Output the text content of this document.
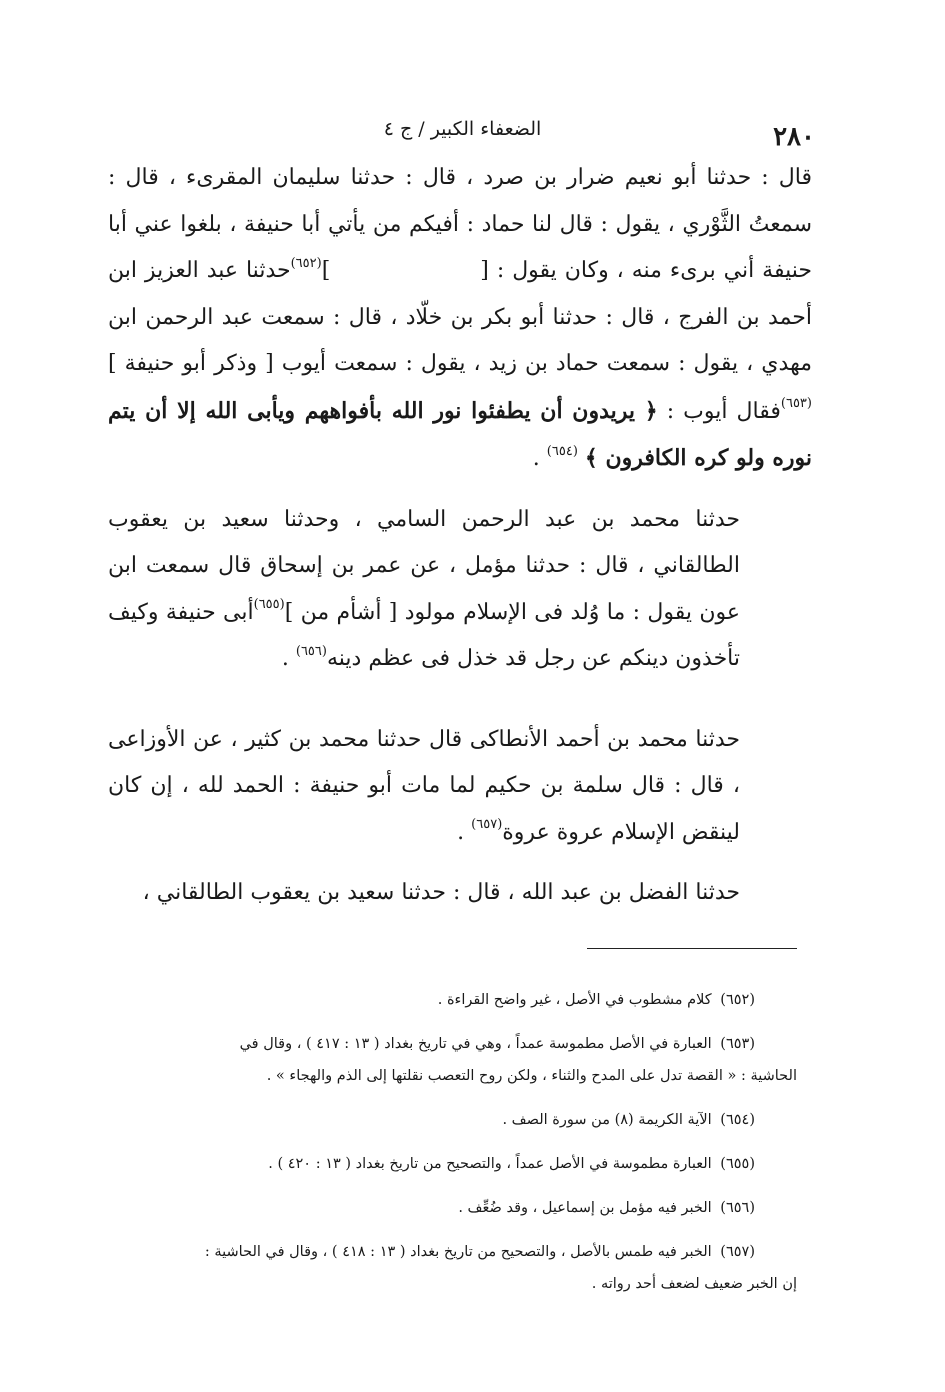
٢٨٠
الضعفاء الكبير / ج ٤

قال : حدثنا أبو نعيم ضرار بن صرد ، قال : حدثنا سليمان المقرىء ، قال : سمعتُ الثَّوْري ، يقول : قال لنا حماد : أفيكم من يأتي أبا حنيفة ، بلغوا عني أبا حنيفة أني برىء منه ، وكان يقول : []$^{(٦٥٢)}$حدثنا عبد العزيز ابن أحمد بن الفرج ، قال : حدثنا أبو بكر بن خلّاد ، قال : سمعت عبد الرحمن ابن مهدي ، يقول : سمعت حماد بن زيد ، يقول : سمعت أيوب [ وذكر أبو حنيفة ]$^{(٦٥٣)}$فقال أيوب : ﴿ يريدون أن يطفئوا نور الله بأفواههم ويأبى الله إلا أن يتم نوره ولو كره الكافرون ﴾ $^{(٦٥٤)}$ .

حدثنا محمد بن عبد الرحمن السامي ، وحدثنا سعيد بن يعقوب الطالقاني ، قال : حدثنا مؤمل ، عن عمر بن إسحاق قال سمعت ابن عون يقول : ما وُلد فى الإسلام مولود [ أشأم من ]$^{(٦٥٥)}$أبى حنيفة وكيف تأخذون دينكم عن رجل قد خذل فى عظم دينه$^{(٦٥٦)}$ .

حدثنا محمد بن أحمد الأنطاكى قال حدثنا محمد بن كثير ، عن الأوزاعى ، قال : قال سلمة بن حكيم لما مات أبو حنيفة : الحمد لله ، إن كان لينقض الإسلام عروة عروة$^{(٦٥٧)}$ .

حدثنا الفضل بن عبد الله ، قال : حدثنا سعيد بن يعقوب الطالقاني ،

(٦٥٢) كلام مشطوب في الأصل ، غير واضح القراءة .

(٦٥٣) العبارة في الأصل مطموسة عمداً ، وهي في تاريخ بغداد ( ١٣ : ٤١٧ ) ، وقال في
الحاشية : « القصة تدل على المدح والثناء ، ولكن روح التعصب نقلتها إلى الذم والهجاء » .

(٦٥٤) الآية الكريمة (٨) من سورة الصف .

(٦٥٥) العبارة مطموسة في الأصل عمداً ، والتصحيح من تاريخ بغداد ( ١٣ : ٤٢٠ ) .

(٦٥٦) الخبر فيه مؤمل بن إسماعيل ، وقد ضُعِّف .

(٦٥٧) الخبر فيه طمس بالأصل ، والتصحيح من تاريخ بغداد ( ١٣ : ٤١٨ ) ، وقال في الحاشية :
إن الخبر ضعيف لضعف أحد رواته .
